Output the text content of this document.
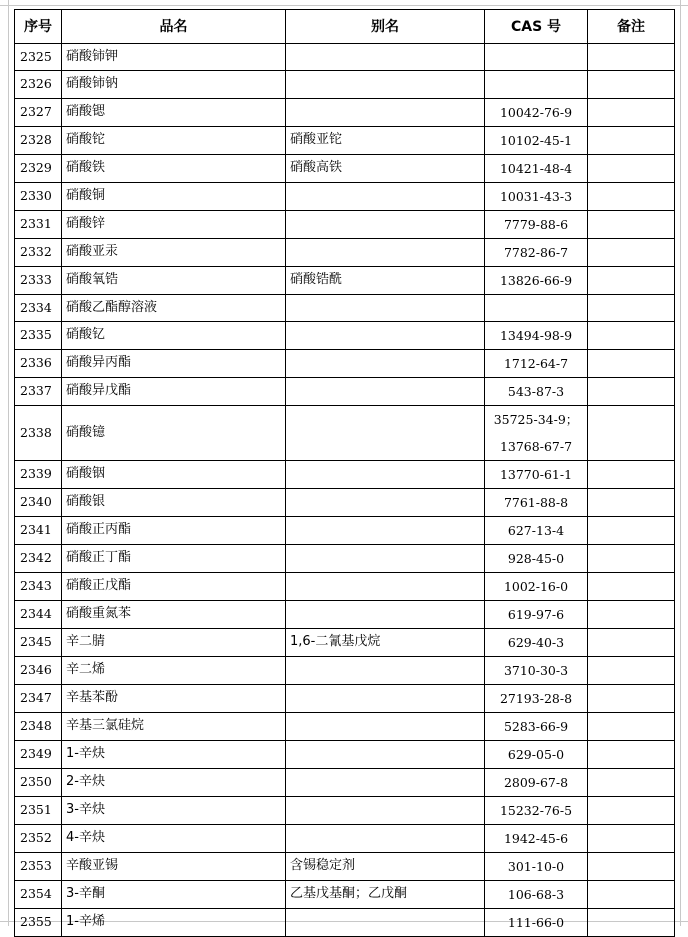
序号	品名	别名	CAS 号	备注
2325	硝酸铈钾		

2326	硝酸铈钠		

2327	硝酸锶		10042-76-9	

2328	硝酸铊	硝酸亚铊	10102-45-1	

2329	硝酸铁	硝酸高铁	10421-48-4	

2330	硝酸铜		10031-43-3	

2331	硝酸锌		7779-88-6	

2332	硝酸亚汞		7782-86-7	

2333	硝酸氧锆	硝酸锆酰	13826-66-9	

2334	硝酸乙酯醇溶液		

2335	硝酸钇		13494-98-9	

2336	硝酸异丙酯		1712-64-7	

2337	硝酸异戊酯		543-87-3	

2338	硝酸镱		35725-34-9；
13768-67-7	

2339	硝酸铟		13770-61-1	

2340	硝酸银		7761-88-8	

2341	硝酸正丙酯		627-13-4	

2342	硝酸正丁酯		928-45-0	

2343	硝酸正戊酯		1002-16-0	

2344	硝酸重氮苯		619-97-6	

2345	辛二腈	1,6-二氰基戊烷	629-40-3	

2346	辛二烯		3710-30-3	

2347	辛基苯酚		27193-28-8	

2348	辛基三氯硅烷		5283-66-9	

2349	1-辛炔		629-05-0	

2350	2-辛炔		2809-67-8	

2351	3-辛炔		15232-76-5	

2352	4-辛炔		1942-45-6	

2353	辛酸亚锡	含锡稳定剂	301-10-0	

2354	3-辛酮	乙基戊基酮；乙戊酮	106-68-3	

2355	1-辛烯		111-66-0	
